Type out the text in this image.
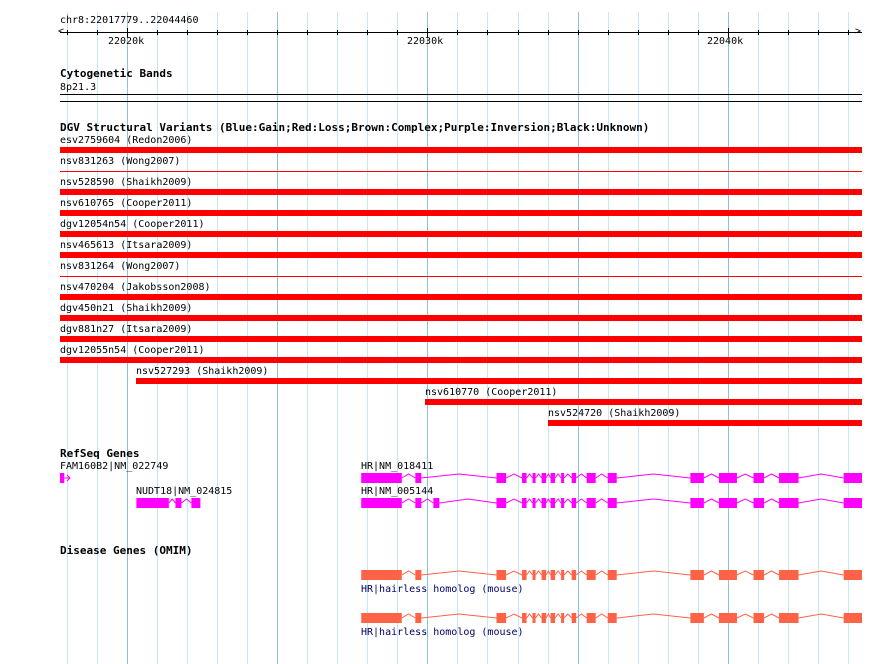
chr8:22017779..22044460
<	>
22020k	22030k	22040k
Cytogenetic Bands
8p21.3
DGV Structural Variants (Blue:Gain;Red:Loss;Brown:Complex;Purple:Inversion;Black:Unknown)
esv2759604 (Redon2006)
nsv831263 (Wong2007)
nsv528590 (Shaikh2009)
nsv610765 (Cooper2011)
dgv12054n54 (Cooper2011)
nsv465613 (Itsara2009)
nsv831264 (Wong2007)
nsv470204 (Jakobsson2008)
dgv450n21 (Shaikh2009)
dgv881n27 (Itsara2009)
dgv12055n54 (Cooper2011)
nsv527293 (Shaikh2009)
nsv610770 (Cooper2011)
nsv524720 (Shaikh2009)
RefSeq Genes
FAM160B2|NM_022749
NUDT18|NM_024815
HR|NM_018411
HR|NM_005144
Disease Genes (OMIM)
HR|hairless homolog (mouse)
HR|hairless homolog (mouse)
